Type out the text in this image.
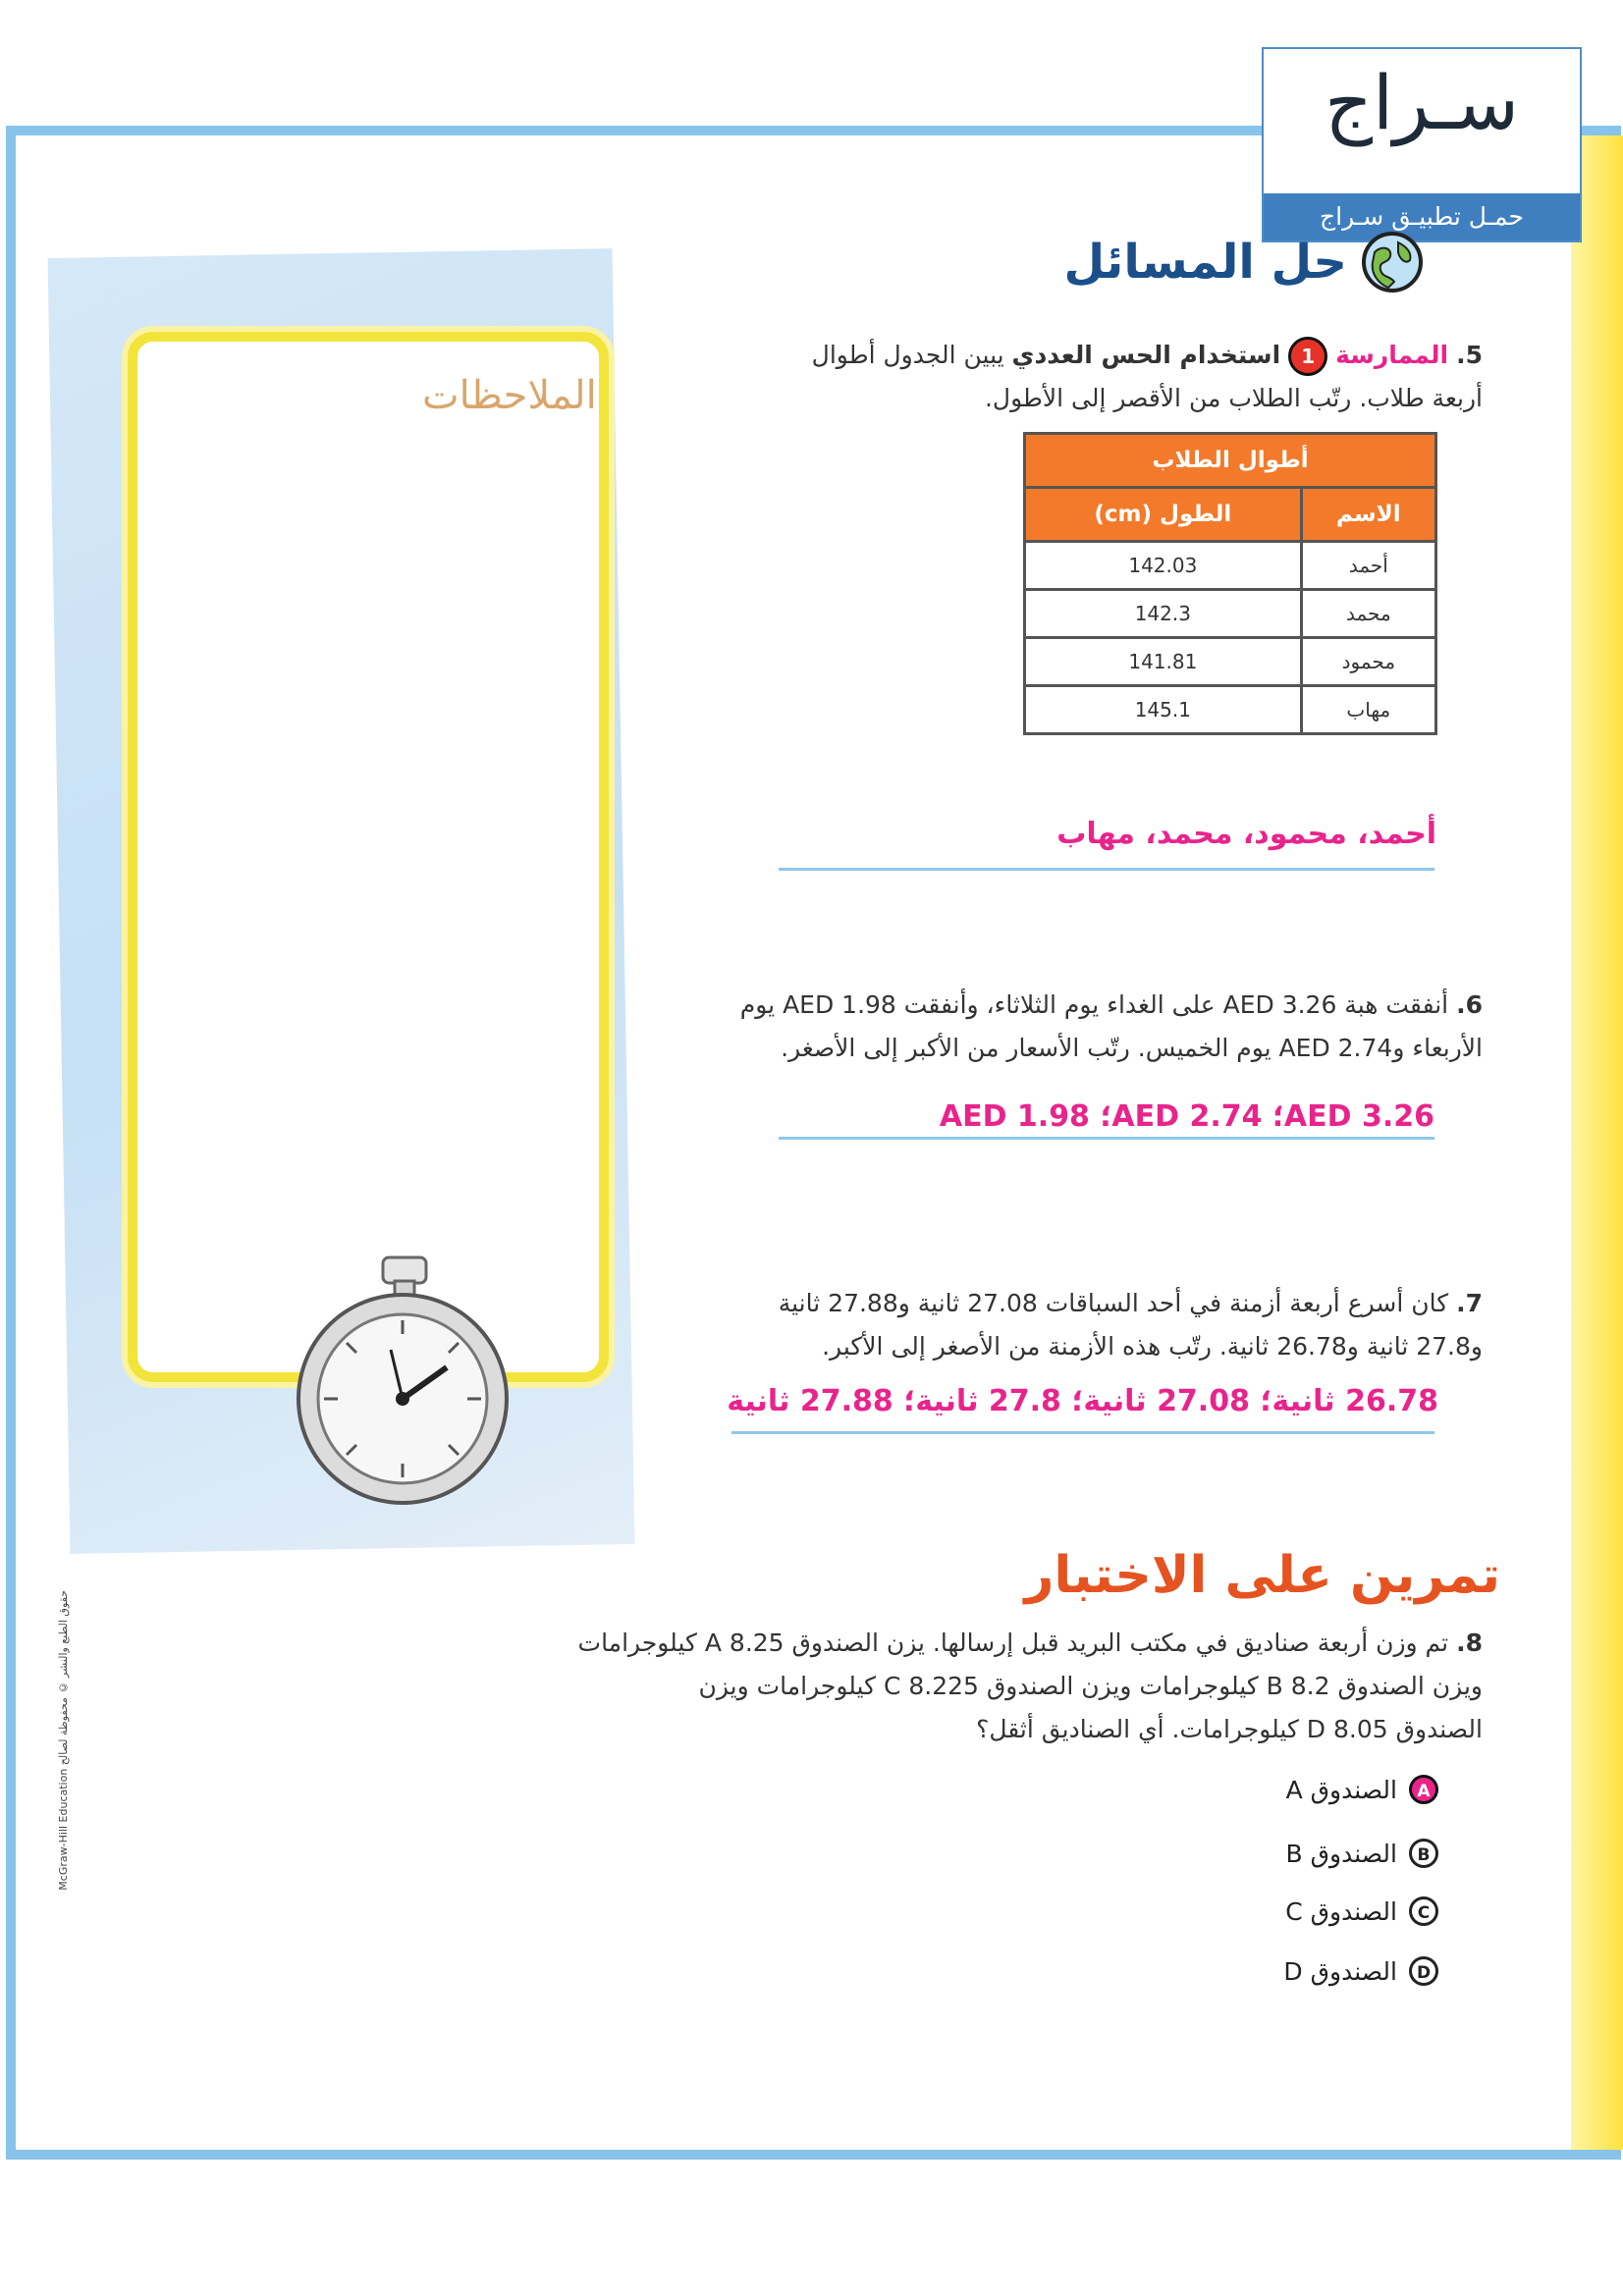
سـراج
حمـل تطبيـق سـراج
الملاحظات
حل المسائل
5. الممارسة 1 استخدام الحس العددي يبين الجدول أطوال
أربعة طلاب. رتّب الطلاب من الأقصر إلى الأطول.
أطوال الطلاب	
الاسم	الطول (cm)
أحمد	142.03
محمد	142.3
محمود	141.81
مهاب	145.1
أحمد، محمود، محمد، مهاب
6. أنفقت هبة AED 3.26 على الغداء يوم الثلاثاء، وأنفقت AED 1.98 يوم
الأربعاء وAED 2.74 يوم الخميس. رتّب الأسعار من الأكبر إلى الأصغر.
AED 3.26؛ AED 2.74؛ AED 1.98
7. كان أسرع أربعة أزمنة في أحد السباقات 27.08 ثانية و27.88 ثانية
و27.8 ثانية و26.78 ثانية. رتّب هذه الأزمنة من الأصغر إلى الأكبر.
26.78 ثانية؛ 27.08 ثانية؛ 27.8 ثانية؛ 27.88 ثانية
تمرين على الاختبار
8. تم وزن أربعة صناديق في مكتب البريد قبل إرسالها. يزن الصندوق A 8.25 كيلوجرامات
ويزن الصندوق B 8.2 كيلوجرامات ويزن الصندوق C 8.225 كيلوجرامات ويزن
الصندوق D 8.05 كيلوجرامات. أي الصناديق أثقل؟
A
الصندوق A
B
الصندوق B
C
الصندوق C
D
الصندوق D
McGraw-Hill Education حقوق الطبع والنشر © محفوظة لصالح
